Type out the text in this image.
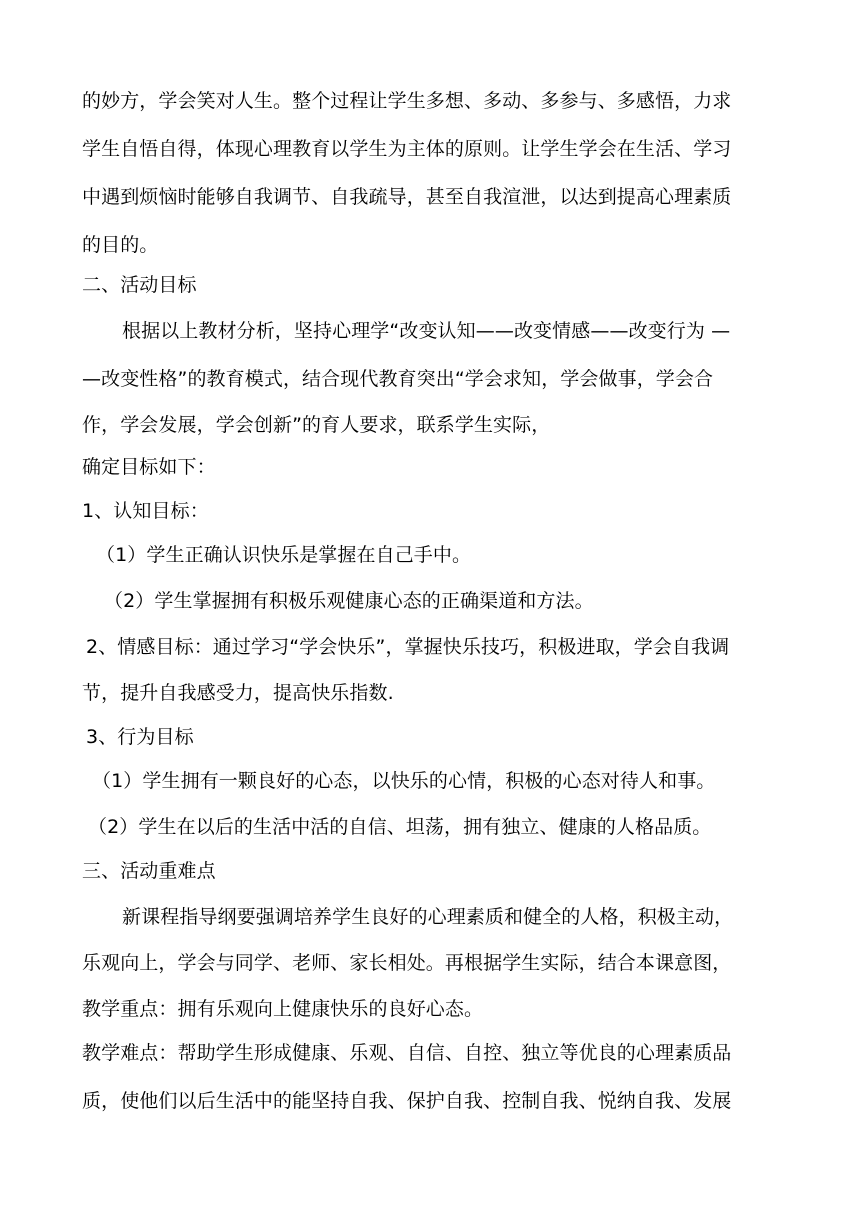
的妙方，学会笑对人生。整个过程让学生多想、多动、多参与、多感悟，力求
学生自悟自得，体现心理教育以学生为主体的原则。让学生学会在生活、学习
中遇到烦恼时能够自我调节、自我疏导，甚至自我渲泄，以达到提高心理素质
的目的。
二、活动目标
根据以上教材分析，坚持心理学“改变认知——改变情感——改变行为 —
—改变性格”的教育模式，结合现代教育突出“学会求知，学会做事，学会合
作，学会发展，学会创新”的育人要求，联系学生实际，
确定目标如下：
1、认知目标：
（1）学生正确认识快乐是掌握在自己手中。
（2）学生掌握拥有积极乐观健康心态的正确渠道和方法。
2、情感目标：通过学习“学会快乐”，掌握快乐技巧，积极进取，学会自我调
节，提升自我感受力，提高快乐指数.
3、行为目标
（1）学生拥有一颗良好的心态，以快乐的心情，积极的心态对待人和事。
（2）学生在以后的生活中活的自信、坦荡，拥有独立、健康的人格品质。
三、活动重难点
新课程指导纲要强调培养学生良好的心理素质和健全的人格，积极主动，
乐观向上，学会与同学、老师、家长相处。再根据学生实际，结合本课意图，
教学重点：拥有乐观向上健康快乐的良好心态。
教学难点：帮助学生形成健康、乐观、自信、自控、独立等优良的心理素质品
质，使他们以后生活中的能坚持自我、保护自我、控制自我、悦纳自我、发展
